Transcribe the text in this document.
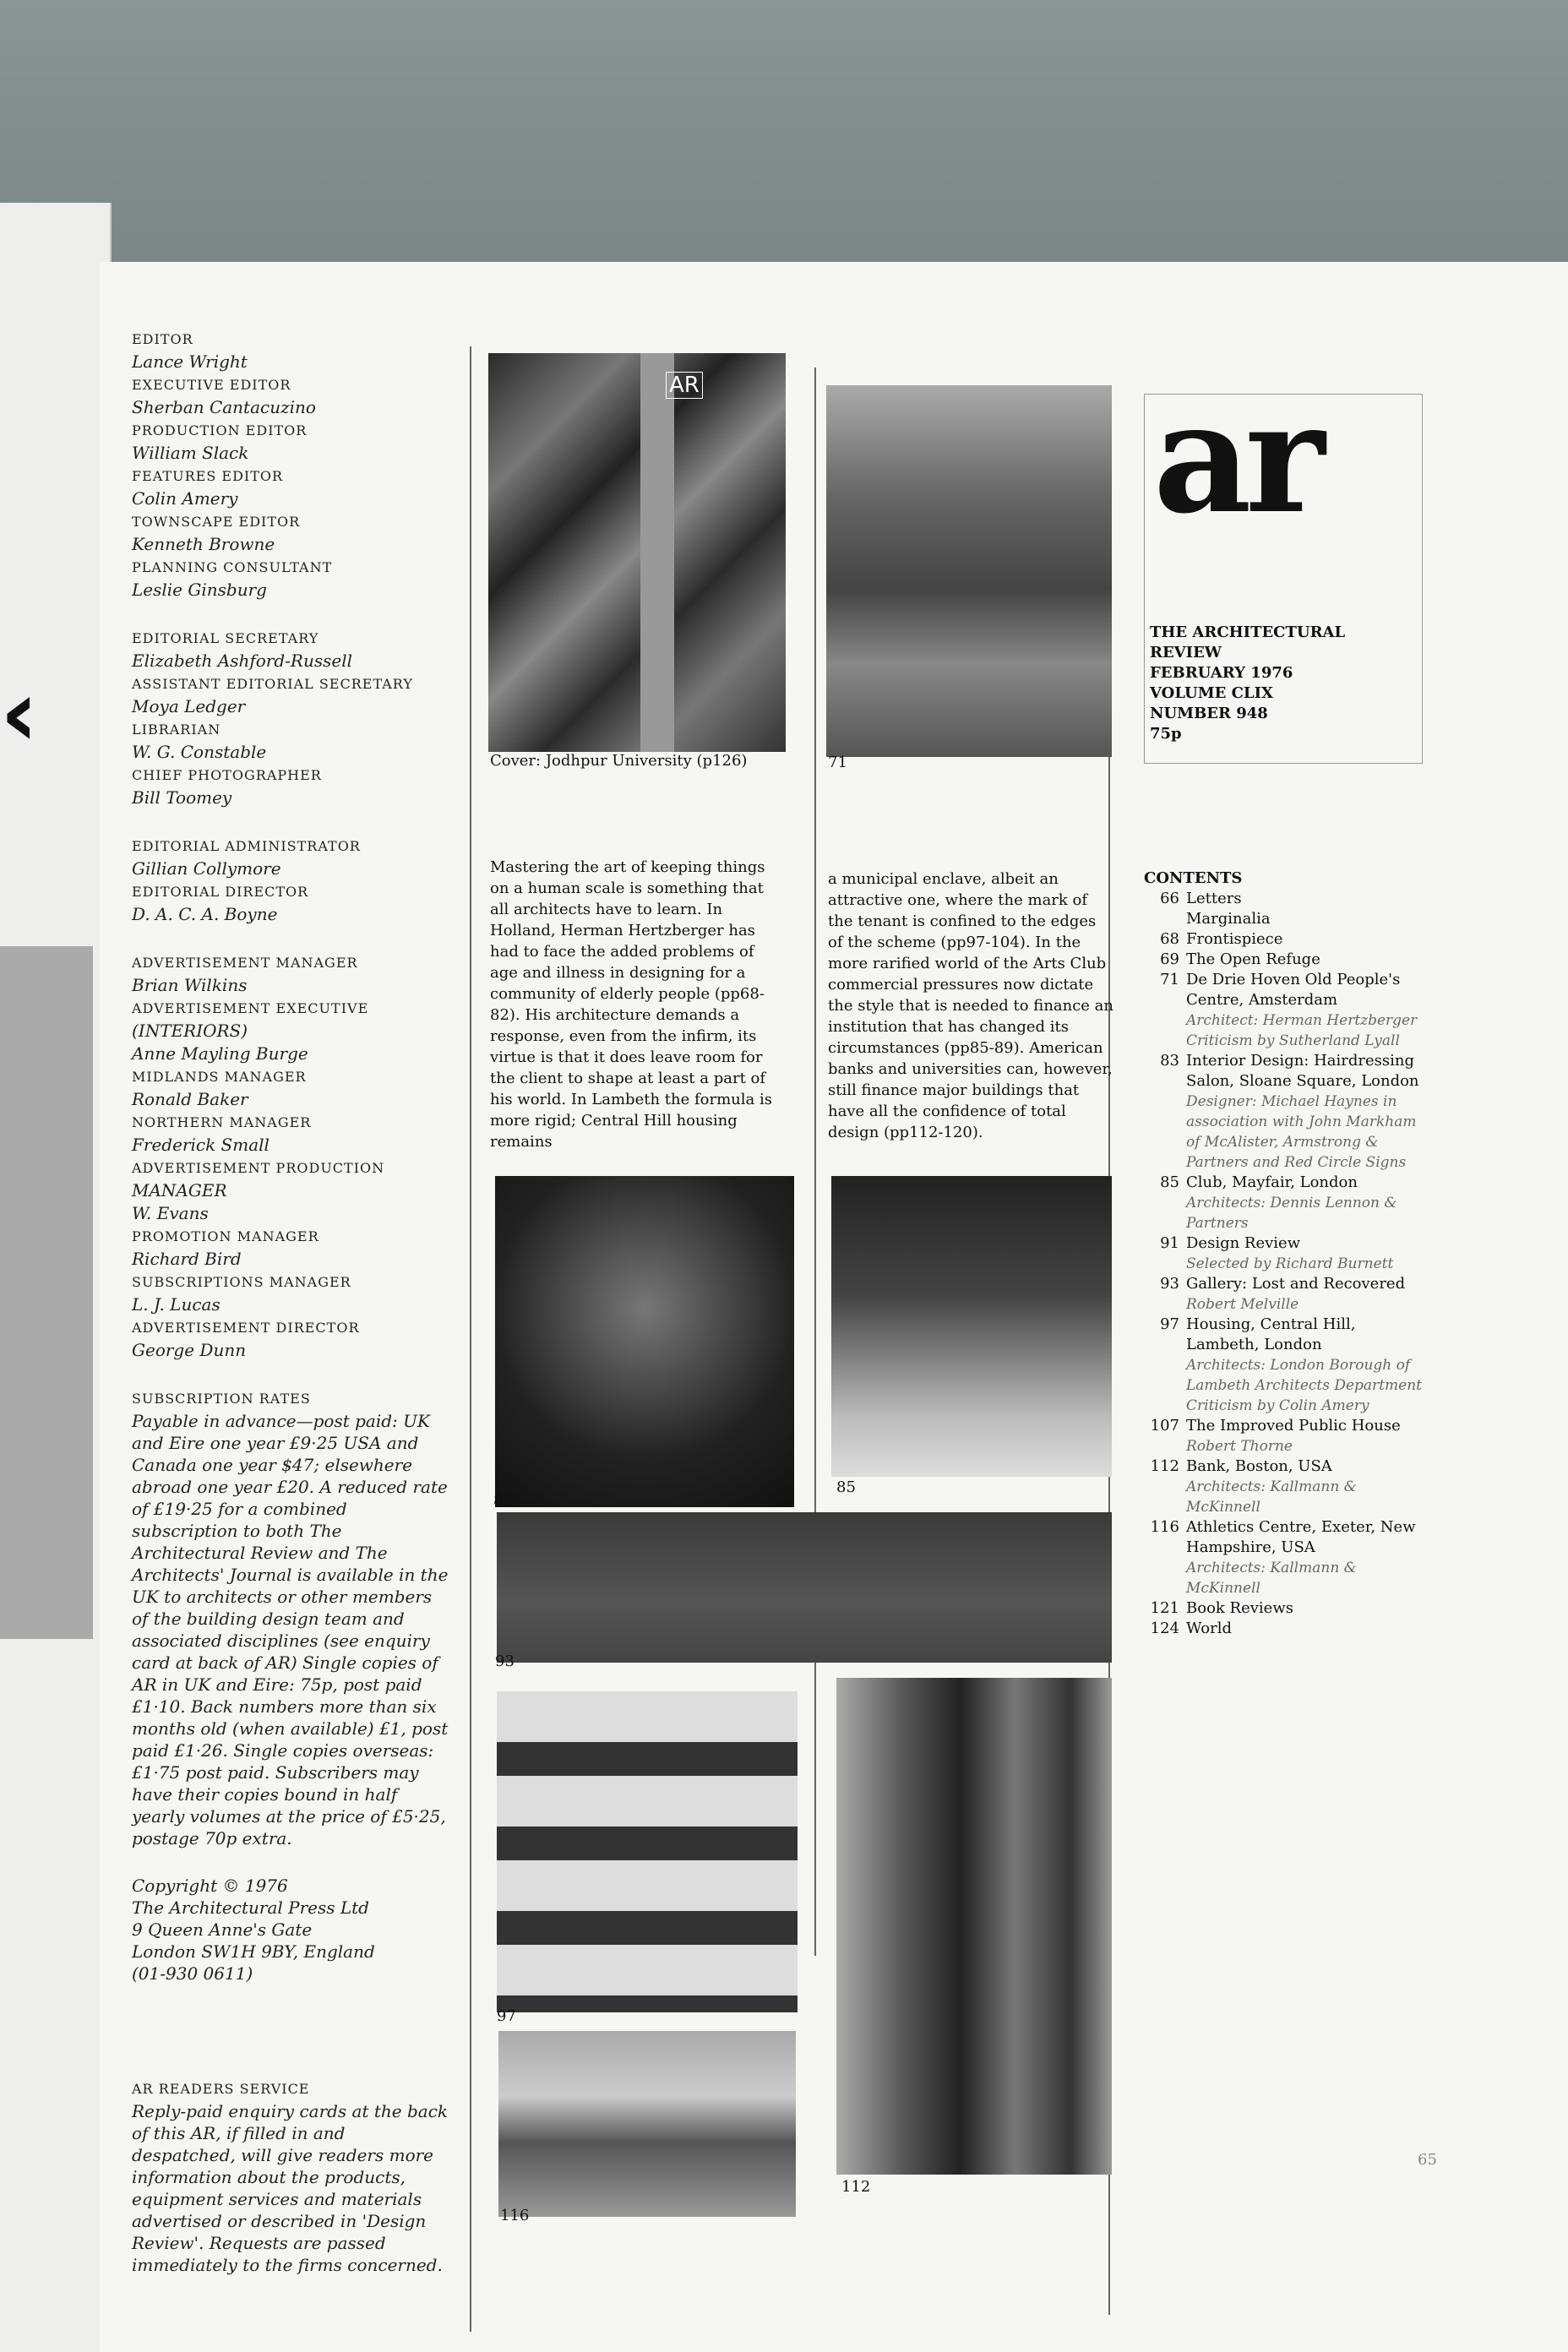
‹
EDITOR
Lance Wright
EXECUTIVE EDITOR
Sherban Cantacuzino
PRODUCTION EDITOR
William Slack
FEATURES EDITOR
Colin Amery
TOWNSCAPE EDITOR
Kenneth Browne
PLANNING CONSULTANT
Leslie Ginsburg
EDITORIAL SECRETARY
Elizabeth Ashford-Russell
ASSISTANT EDITORIAL SECRETARY
Moya Ledger
LIBRARIAN
W. G. Constable
CHIEF PHOTOGRAPHER
Bill Toomey
EDITORIAL ADMINISTRATOR
Gillian Collymore
EDITORIAL DIRECTOR
D. A. C. A. Boyne
ADVERTISEMENT MANAGER
Brian Wilkins
ADVERTISEMENT EXECUTIVE
(INTERIORS)
Anne Mayling Burge
MIDLANDS MANAGER
Ronald Baker
NORTHERN MANAGER
Frederick Small
ADVERTISEMENT PRODUCTION
MANAGER
W. Evans
PROMOTION MANAGER
Richard Bird
SUBSCRIPTIONS MANAGER
L. J. Lucas
ADVERTISEMENT DIRECTOR
George Dunn
SUBSCRIPTION RATES
Payable in advance—post paid: UK and Eire one year £9·25 USA and Canada one year $47; elsewhere abroad one year £20. A reduced rate of £19·25 for a combined subscription to both The Architectural Review and The Architects' Journal is available in the UK to architects or other members of the building design team and associated disciplines (see enquiry card at back of AR) Single copies of AR in UK and Eire: 75p, post paid £1·10. Back numbers more than six months old (when available) £1, post paid £1·26. Single copies overseas: £1·75 post paid. Subscribers may have their copies bound in half yearly volumes at the price of £5·25, postage 70p extra.
Copyright © 1976
The Architectural Press Ltd
9 Queen Anne's Gate
London SW1H 9BY, England
(01-930 0611)
AR READERS SERVICE
Reply-paid enquiry cards at the back of this AR, if filled in and despatched, will give readers more information about the products, equipment services and materials advertised or described in 'Design Review'. Requests are passed immediately to the firms concerned.
AR
Cover: Jodhpur University (p126)	71
Mastering the art of keeping things on a human scale is something that all architects have to learn. In Holland, Herman Hertzberger has had to face the added problems of age and illness in designing for a community of elderly people (pp68-82). His architecture demands a response, even from the infirm, its virtue is that it does leave room for the client to shape at least a part of his world. In Lambeth the formula is more rigid; Central Hill housing remains
a municipal enclave, albeit an attractive one, where the mark of the tenant is confined to the edges of the scheme (pp97-104). In the more rarified world of the Arts Club commercial pressures now dictate the style that is needed to finance an institution that has changed its circumstances (pp85-89). American banks and universities can, however, still finance major buildings that have all the confidence of total design (pp112-120).
83
85
93
97
116
112
ar
THE ARCHITECTURAL
REVIEW
FEBRUARY 1976
VOLUME CLIX
NUMBER 948
75p
CONTENTS
66 Letters
Marginalia
68 Frontispiece
69 The Open Refuge
71 De Drie Hoven Old People's Centre, Amsterdam
Architect: Herman Hertzberger Criticism by Sutherland Lyall
83 Interior Design: Hairdressing Salon, Sloane Square, London
Designer: Michael Haynes in association with John Markham of McAlister, Armstrong & Partners and Red Circle Signs
85 Club, Mayfair, London
Architects: Dennis Lennon & Partners
91 Design Review
Selected by Richard Burnett
93 Gallery: Lost and Recovered
Robert Melville
97 Housing, Central Hill, Lambeth, London
Architects: London Borough of Lambeth Architects Department Criticism by Colin Amery
107 The Improved Public House
Robert Thorne
112 Bank, Boston, USA
Architects: Kallmann & McKinnell
116 Athletics Centre, Exeter, New Hampshire, USA
Architects: Kallmann & McKinnell
121 Book Reviews
124 World
65
